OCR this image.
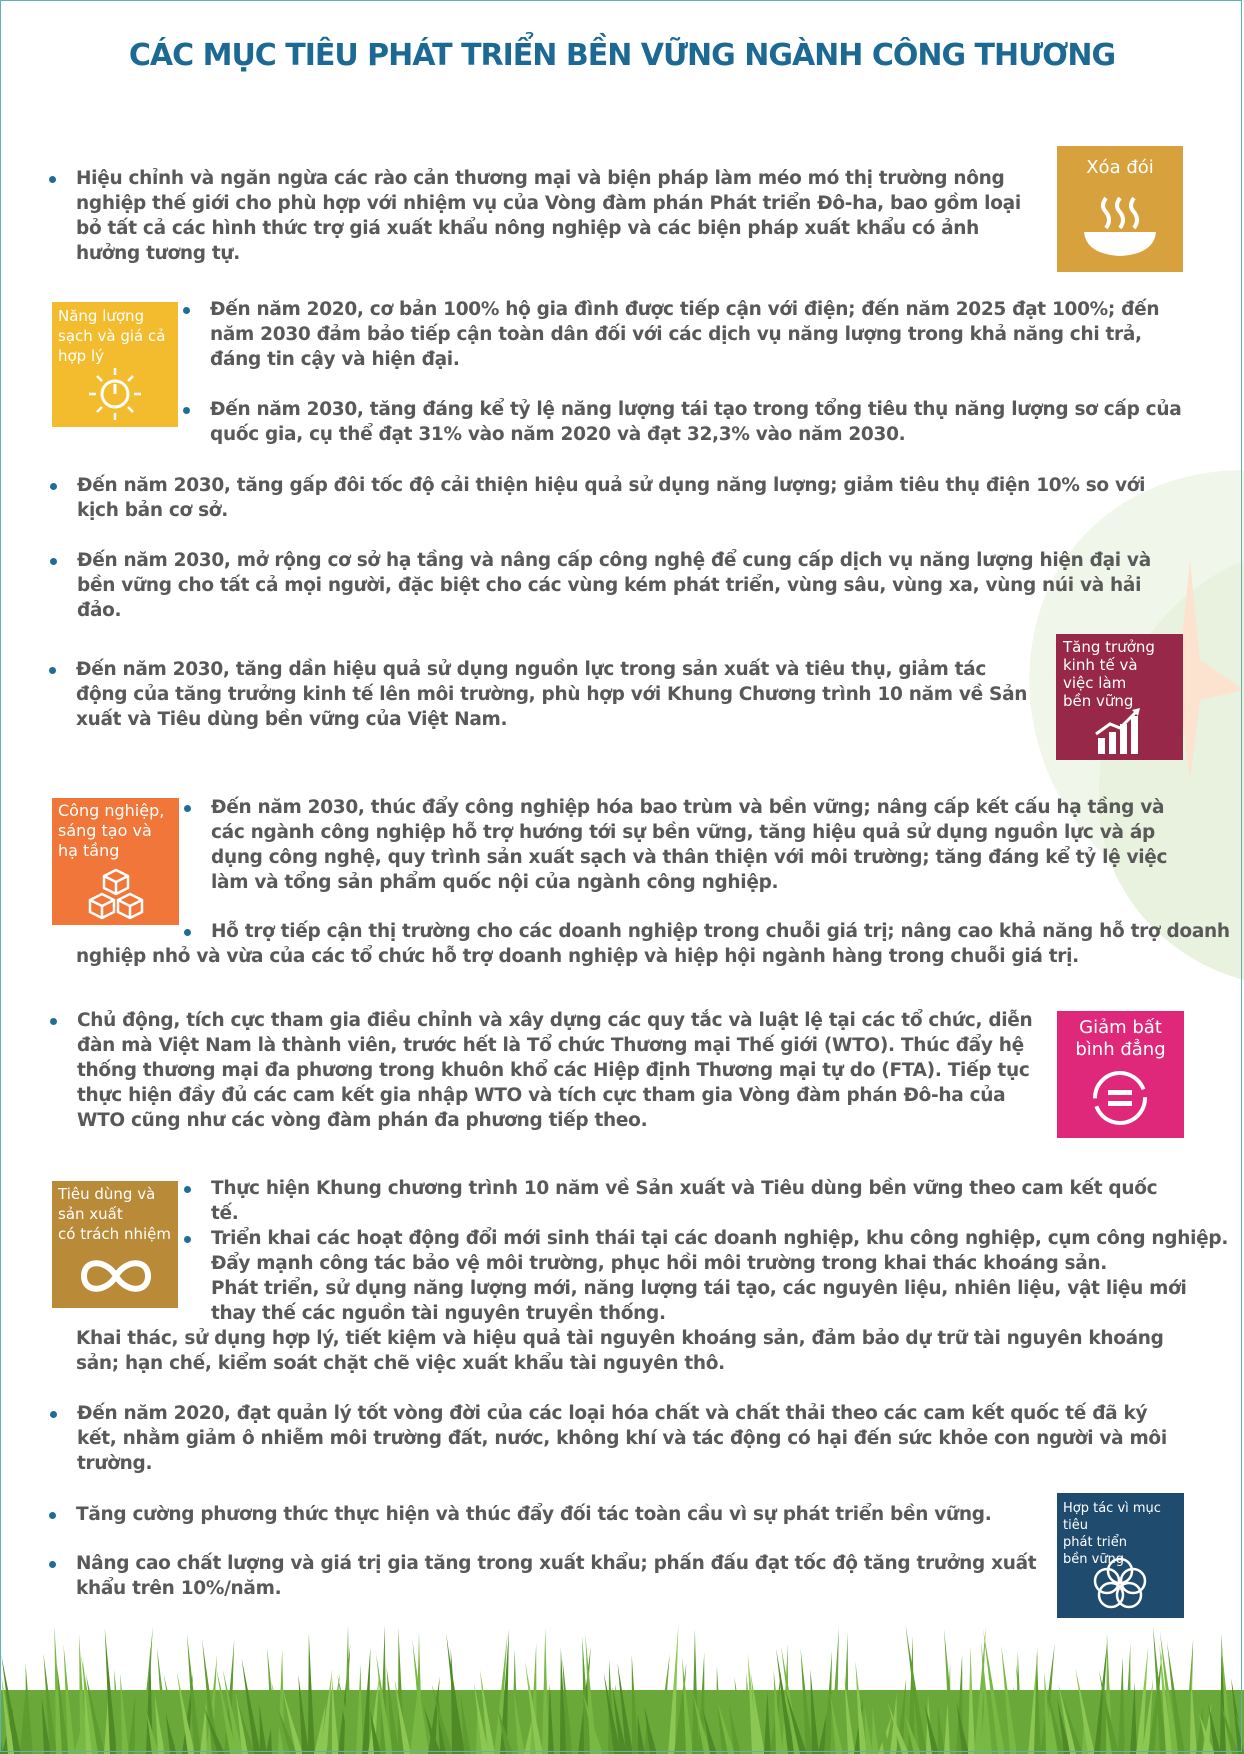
CÁC MỤC TIÊU PHÁT TRIỂN BỀN VỮNG NGÀNH CÔNG THƯƠNG
Xóa đói
Năng lượng
sạch và giá cả
hợp lý
Tăng trưởng
kinh tế và
việc làm
bền vững
Công nghiệp,
sáng tạo và
hạ tầng
Giảm bất
bình đẳng
Tiêu dùng và
sản xuất
có trách nhiệm
Hợp tác vì mục tiêu
phát triển
bền vững
Hiệu chỉnh và ngăn ngừa các rào cản thương mại và biện pháp làm méo mó thị trường nông nghiệp thế giới cho phù hợp với nhiệm vụ của Vòng đàm phán Phát triển Đô-ha, bao gồm loại bỏ tất cả các hình thức trợ giá xuất khẩu nông nghiệp và các biện pháp xuất khẩu có ảnh hưởng tương tự.
Đến năm 2020, cơ bản 100% hộ gia đình được tiếp cận với điện; đến năm 2025 đạt 100%; đến năm 2030 đảm bảo tiếp cận toàn dân đối với các dịch vụ năng lượng trong khả năng chi trả, đáng tin cậy và hiện đại.
Đến năm 2030, tăng đáng kể tỷ lệ năng lượng tái tạo trong tổng tiêu thụ năng lượng sơ cấp của quốc gia, cụ thể đạt 31% vào năm 2020 và đạt 32,3% vào năm 2030.
Đến năm 2030, tăng gấp đôi tốc độ cải thiện hiệu quả sử dụng năng lượng; giảm tiêu thụ điện 10% so với kịch bản cơ sở.
Đến năm 2030, mở rộng cơ sở hạ tầng và nâng cấp công nghệ để cung cấp dịch vụ năng lượng hiện đại và bền vững cho tất cả mọi người, đặc biệt cho các vùng kém phát triển, vùng sâu, vùng xa, vùng núi và hải đảo.
Đến năm 2030, tăng dần hiệu quả sử dụng nguồn lực trong sản xuất và tiêu thụ, giảm tác động của tăng trưởng kinh tế lên môi trường, phù hợp với Khung Chương trình 10 năm về Sản xuất và Tiêu dùng bền vững của Việt Nam.
Đến năm 2030, thúc đẩy công nghiệp hóa bao trùm và bền vững; nâng cấp kết cấu hạ tầng và các ngành công nghiệp hỗ trợ hướng tới sự bền vững, tăng hiệu quả sử dụng nguồn lực và áp dụng công nghệ, quy trình sản xuất sạch và thân thiện với môi trường; tăng đáng kể tỷ lệ việc làm và tổng sản phẩm quốc nội của ngành công nghiệp.
Hỗ trợ tiếp cận thị trường cho các doanh nghiệp trong chuỗi giá trị; nâng cao khả năng hỗ trợ doanh
nghiệp nhỏ và vừa của các tổ chức hỗ trợ doanh nghiệp và hiệp hội ngành hàng trong chuỗi giá trị.
Chủ động, tích cực tham gia điều chỉnh và xây dựng các quy tắc và luật lệ tại các tổ chức, diễn đàn mà Việt Nam là thành viên, trước hết là Tổ chức Thương mại Thế giới (WTO). Thúc đẩy hệ thống thương mại đa phương trong khuôn khổ các Hiệp định Thương mại tự do (FTA). Tiếp tục thực hiện đầy đủ các cam kết gia nhập WTO và tích cực tham gia Vòng đàm phán Đô-ha của WTO cũng như các vòng đàm phán đa phương tiếp theo.
Thực hiện Khung chương trình 10 năm về Sản xuất và Tiêu dùng bền vững theo cam kết quốc tế.
Triển khai các hoạt động đổi mới sinh thái tại các doanh nghiệp, khu công nghiệp, cụm công nghiệp.
Đẩy mạnh công tác bảo vệ môi trường, phục hồi môi trường trong khai thác khoáng sản.
Phát triển, sử dụng năng lượng mới, năng lượng tái tạo, các nguyên liệu, nhiên liệu, vật liệu mới thay thế các nguồn tài nguyên truyền thống.
Khai thác, sử dụng hợp lý, tiết kiệm và hiệu quả tài nguyên khoáng sản, đảm bảo dự trữ tài nguyên khoáng sản; hạn chế, kiểm soát chặt chẽ việc xuất khẩu tài nguyên thô.
Đến năm 2020, đạt quản lý tốt vòng đời của các loại hóa chất và chất thải theo các cam kết quốc tế đã ký kết, nhằm giảm ô nhiễm môi trường đất, nước, không khí và tác động có hại đến sức khỏe con người và môi trường.
Tăng cường phương thức thực hiện và thúc đẩy đối tác toàn cầu vì sự phát triển bền vững.
Nâng cao chất lượng và giá trị gia tăng trong xuất khẩu; phấn đấu đạt tốc độ tăng trưởng xuất khẩu trên 10%/năm.
